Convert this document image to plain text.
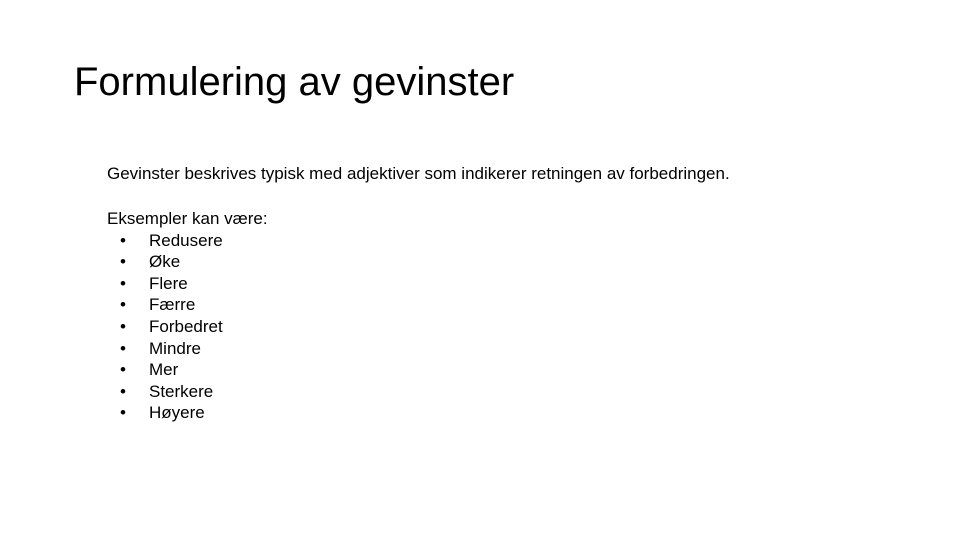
Formulering av gevinster

Gevinster beskrives typisk med adjektiver som indikerer retningen av forbedringen.

Eksempler kan være:

•	Redusere
•	Øke
•	Flere
•	Færre
•	Forbedret
•	Mindre
•	Mer
•	Sterkere
•	Høyere
